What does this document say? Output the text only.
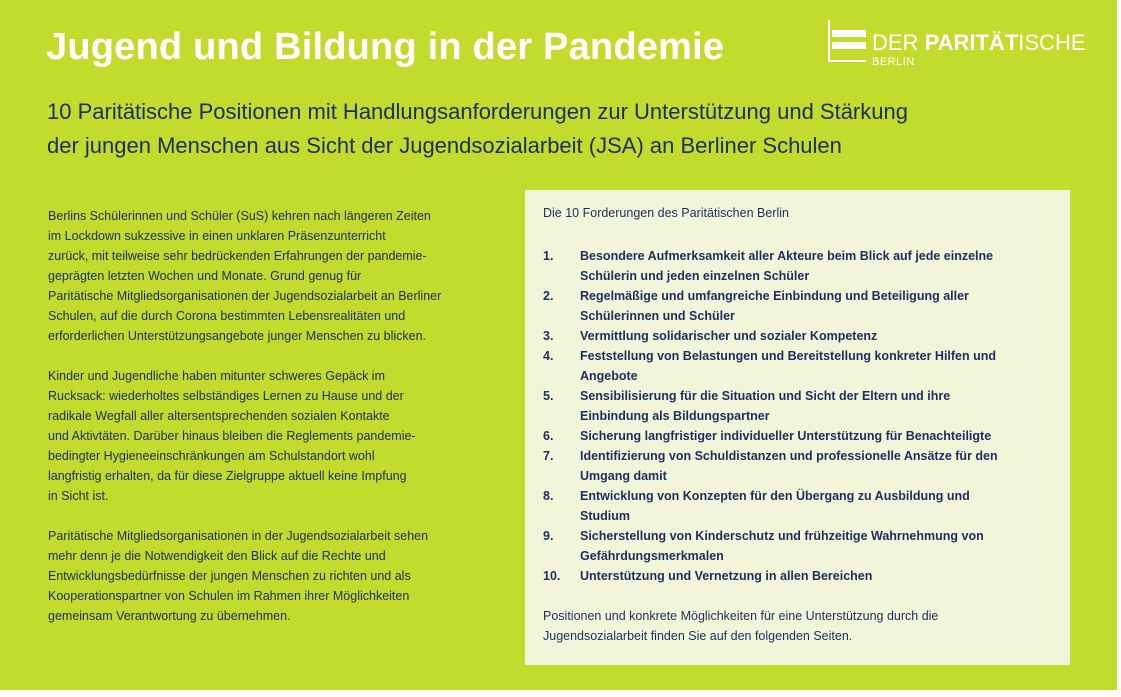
Jugend und Bildung in der Pandemie	DER PARITÄTISCHE
BERLIN
10 Paritätische Positionen mit Handlungsanforderungen zur Unterstützung und Stärkung
der jungen Menschen aus Sicht der Jugendsozialarbeit (JSA) an Berliner Schulen

Berlins Schülerinnen und Schüler (SuS) kehren nach längeren Zeiten
im Lockdown sukzessive in einen unklaren Präsenzunterricht
zurück, mit teilweise sehr bedrückenden Erfahrungen der pandemie-
geprägten letzten Wochen und Monate. Grund genug für
Paritätische Mitgliedsorganisationen der Jugendsozialarbeit an Berliner
Schulen, auf die durch Corona bestimmten Lebensrealitäten und
erforderlichen Unterstützungsangebote junger Menschen zu blicken.

Kinder und Jugendliche haben mitunter schweres Gepäck im
Rucksack: wiederholtes selbständiges Lernen zu Hause und der
radikale Wegfall aller altersentsprechenden sozialen Kontakte
und Aktivtäten. Darüber hinaus bleiben die Reglements pandemie-
bedingter Hygieneeinschränkungen am Schulstandort wohl
langfristig erhalten, da für diese Zielgruppe aktuell keine Impfung
in Sicht ist.

Paritätische Mitgliedsorganisationen in der Jugendsozialarbeit sehen
mehr denn je die Notwendigkeit den Blick auf die Rechte und
Entwicklungsbedürfnisse der jungen Menschen zu richten und als
Kooperationspartner von Schulen im Rahmen ihrer Möglichkeiten
gemeinsam Verantwortung zu übernehmen.

Die 10 Forderungen des Paritätischen Berlin
1.	Besondere Aufmerksamkeit aller Akteure beim Blick auf jede einzelne
Schülerin und jeden einzelnen Schüler
2.	Regelmäßige und umfangreiche Einbindung und Beteiligung aller
Schülerinnen und Schüler
3.	Vermittlung solidarischer und sozialer Kompetenz
4.	Feststellung von Belastungen und Bereitstellung konkreter Hilfen und
Angebote
5.	Sensibilisierung für die Situation und Sicht der Eltern und ihre
Einbindung als Bildungspartner
6.	Sicherung langfristiger individueller Unterstützung für Benachteiligte
7.	Identifizierung von Schuldistanzen und professionelle Ansätze für den
Umgang damit
8.	Entwicklung von Konzepten für den Übergang zu Ausbildung und
Studium
9.	Sicherstellung von Kinderschutz und frühzeitige Wahrnehmung von
Gefährdungsmerkmalen
10.	Unterstützung und Vernetzung in allen Bereichen
Positionen und konkrete Möglichkeiten für eine Unterstützung durch die
Jugendsozialarbeit finden Sie auf den folgenden Seiten.
